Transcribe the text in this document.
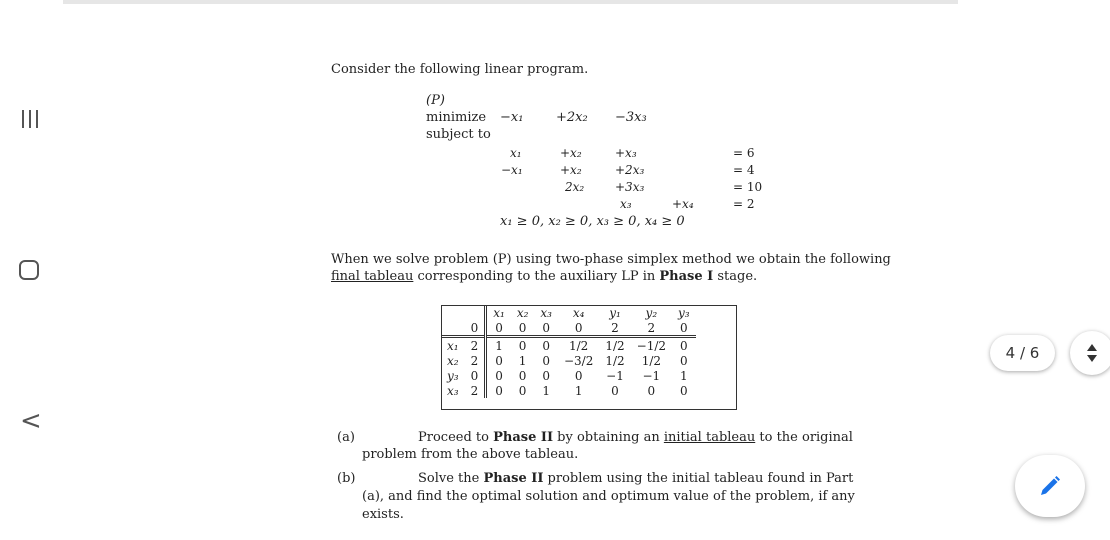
<
Consider the following linear program.
(P)
minimize −x₁	+2x₂ −3x₃
subject to
x₁	+x₂	+x₃	= 6
−x₁	+x₂	+2x₃	= 4
2x₂	+3x₃	= 10
x₃	+x₄	= 2
x₁ ≥ 0, x₂ ≥ 0, x₃ ≥ 0, x₄ ≥ 0
When we solve problem (P) using two-phase simplex method we obtain the following
final tableau corresponding to the auxiliary LP in Phase I stage.
		x₁	x₂	x₃	x₄	y₁	y₂	y₃
	0	0	0	0	0	2	2	0
x₁	2	1	0	0	1/2	1/2	−1/2	0
x₂	2	0	1	0	−3/2	1/2	1/2	0
y₃	0	0	0	0	0	−1	−1	1
x₃	2	0	0	1	1	0	0	0
(a)	Proceed to Phase II by obtaining an initial tableau to the original
problem from the above tableau.
(b)	Solve the Phase II problem using the initial tableau found in Part
(a), and find the optimal solution and optimum value of the problem, if any
exists.
4 / 6
